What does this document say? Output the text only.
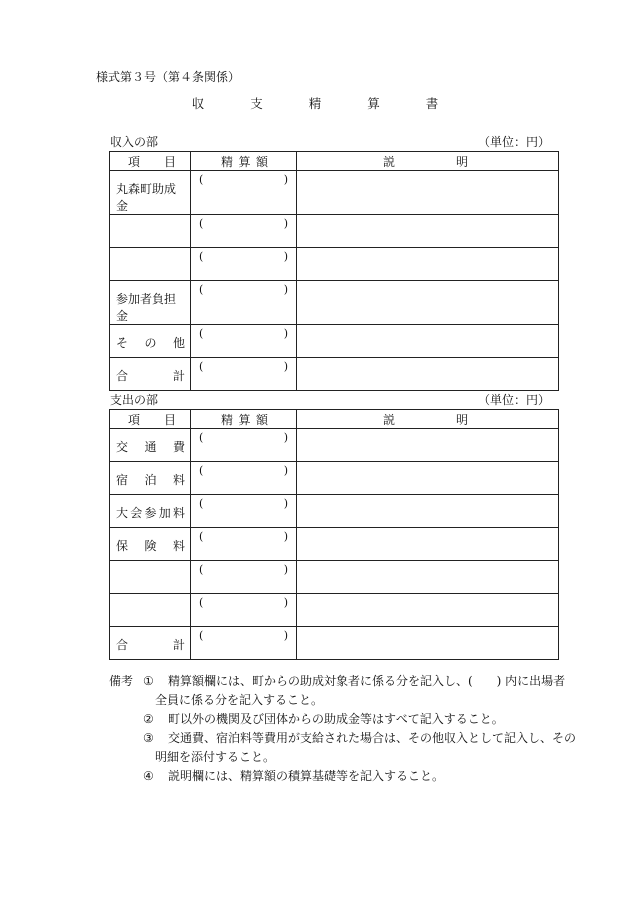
様式第３号（第４条関係）
収	支	精	算	書
収入の部	（単位：円）
項 目	精 算 額	説 明

丸森町助成金	( )	

	( )	

	( )	

参加者負担金	( )	

そ の 他	( )	

合 計	( )	

支出の部	（単位：円）
項 目	精 算 額	説 明

交 通 費	( )	

宿 泊 料	( )	

大会参加料	( )	

保 険 料	( )	

	( )	

	( )	

合 計	( )	

備考 ① 精算額欄には、町からの助成対象者に係る分を記入し、(　　) 内に出場者
全員に係る分を記入すること。
② 町以外の機関及び団体からの助成金等はすべて記入すること。
③ 交通費、宿泊料等費用が支給された場合は、その他収入として記入し、その
明細を添付すること。
④ 説明欄には、精算額の積算基礎等を記入すること。
